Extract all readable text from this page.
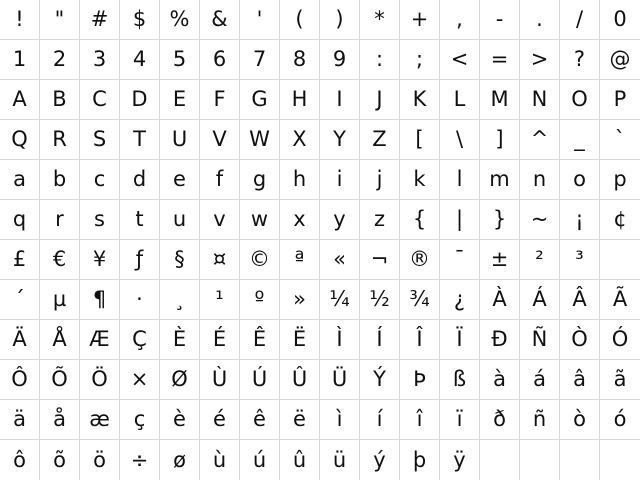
! " # $ % & ' ( ) * + , - . / 0
1 2 3 4 5 6 7 8 9 : ; < = > ? @
A B C D E F G H I J K L M N O P
Q R S T U V W X Y Z [ \ ] ^ _ `
a b c d e f g h i j k l m n o p
q r s t u v w x y z { | } ~ ¡ ¢
£ € ¥ ƒ § ¤ © ª « ¬ ® ¯ ± ² ³
´ µ ¶ · ¸ ¹ º » ¼ ½ ¾ ¿ À Á Â Ã
Ä Å Æ Ç È É Ê Ë Ì Í Î Ï Ð Ñ Ò Ó
Ô Õ Ö × Ø Ù Ú Û Ü Ý Þ ß à á â ã
ä å æ ç è é ê ë ì í î ï ð ñ ò ó
ô õ ö ÷ ø ù ú û ü ý þ ÿ
